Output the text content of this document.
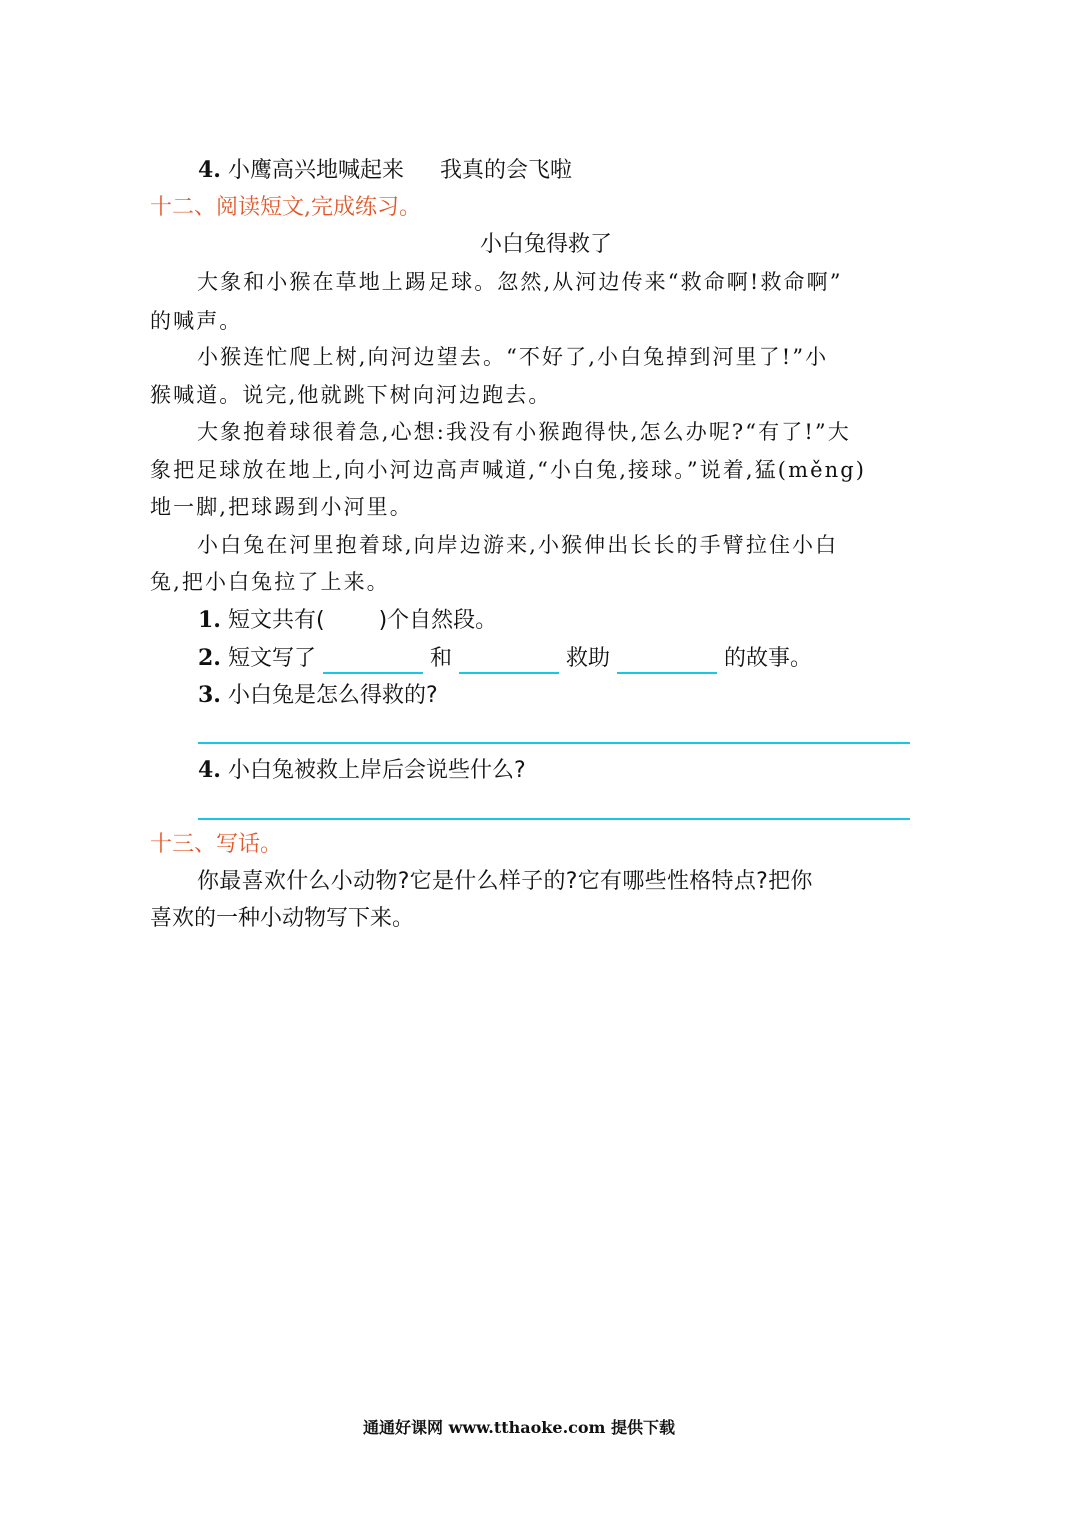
4. 小鹰高兴地喊起来 我真的会飞啦
十二、阅读短文,完成练习。
小白兔得救了
大象和小猴在草地上踢足球。忽然,从河边传来“救命啊!救命啊”
的喊声。
小猴连忙爬上树,向河边望去。“不好了,小白兔掉到河里了!”小
猴喊道。说完,他就跳下树向河边跑去。
大象抱着球很着急,心想:我没有小猴跑得快,怎么办呢?“有了!”大
象把足球放在地上,向小河边高声喊道,“小白兔,接球。”说着,猛(měng)
地一脚,把球踢到小河里。
小白兔在河里抱着球,向岸边游来,小猴伸出长长的手臂拉住小白
兔,把小白兔拉了上来。
1. 短文共有( )个自然段。
2. 短文写了	和	救助	的故事。
3. 小白兔是怎么得救的?
4. 小白兔被救上岸后会说些什么?
十三、写话。
你最喜欢什么小动物?它是什么样子的?它有哪些性格特点?把你
喜欢的一种小动物写下来。
通通好课网 www.tthaoke.com 提供下载
